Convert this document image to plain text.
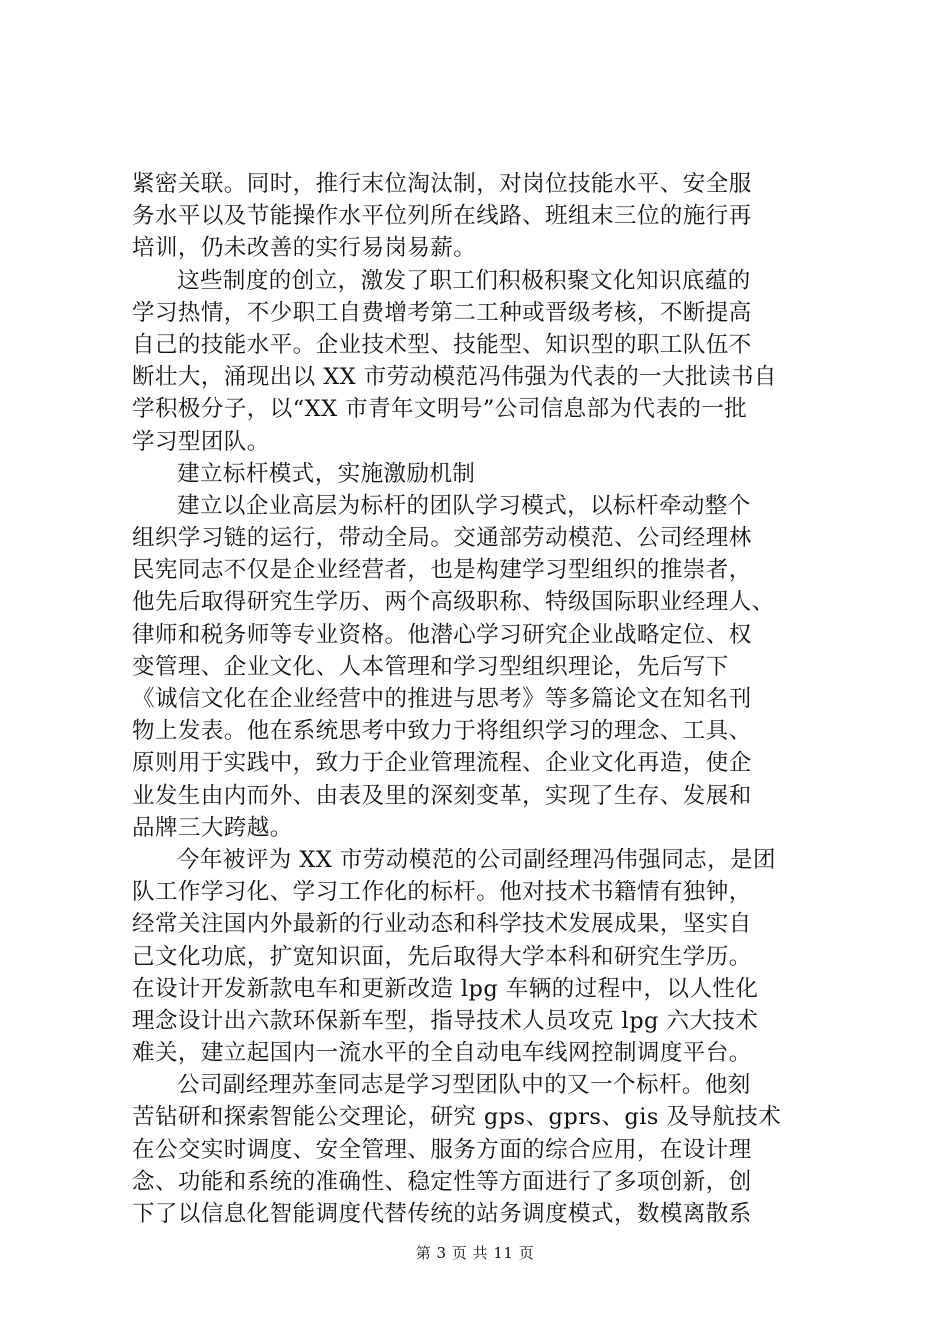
紧密关联。同时，推行末位淘汰制，对岗位技能水平、安全服
务水平以及节能操作水平位列所在线路、班组末三位的施行再
培训，仍未改善的实行易岗易薪。
这些制度的创立，激发了职工们积极积聚文化知识底蕴的
学习热情，不少职工自费增考第二工种或晋级考核，不断提高
自己的技能水平。企业技术型、技能型、知识型的职工队伍不
断壮大，涌现出以 XX 市劳动模范冯伟强为代表的一大批读书自
学积极分子，以“XX 市青年文明号”公司信息部为代表的一批
学习型团队。
建立标杆模式，实施激励机制
建立以企业高层为标杆的团队学习模式，以标杆牵动整个
组织学习链的运行，带动全局。交通部劳动模范、公司经理林
民宪同志不仅是企业经营者，也是构建学习型组织的推崇者，
他先后取得研究生学历、两个高级职称、特级国际职业经理人、
律师和税务师等专业资格。他潜心学习研究企业战略定位、权
变管理、企业文化、人本管理和学习型组织理论，先后写下
《诚信文化在企业经营中的推进与思考》等多篇论文在知名刊
物上发表。他在系统思考中致力于将组织学习的理念、工具、
原则用于实践中，致力于企业管理流程、企业文化再造，使企
业发生由内而外、由表及里的深刻变革，实现了生存、发展和
品牌三大跨越。
今年被评为 XX 市劳动模范的公司副经理冯伟强同志，是团
队工作学习化、学习工作化的标杆。他对技术书籍情有独钟，
经常关注国内外最新的行业动态和科学技术发展成果，坚实自
己文化功底，扩宽知识面，先后取得大学本科和研究生学历。
在设计开发新款电车和更新改造 lpg 车辆的过程中，以人性化
理念设计出六款环保新车型，指导技术人员攻克 lpg 六大技术
难关，建立起国内一流水平的全自动电车线网控制调度平台。
公司副经理苏奎同志是学习型团队中的又一个标杆。他刻
苦钻研和探索智能公交理论，研究 gps、gprs、gis 及导航技术
在公交实时调度、安全管理、服务方面的综合应用，在设计理
念、功能和系统的准确性、稳定性等方面进行了多项创新，创
下了以信息化智能调度代替传统的站务调度模式，数模离散系
第 3 页 共 11 页
